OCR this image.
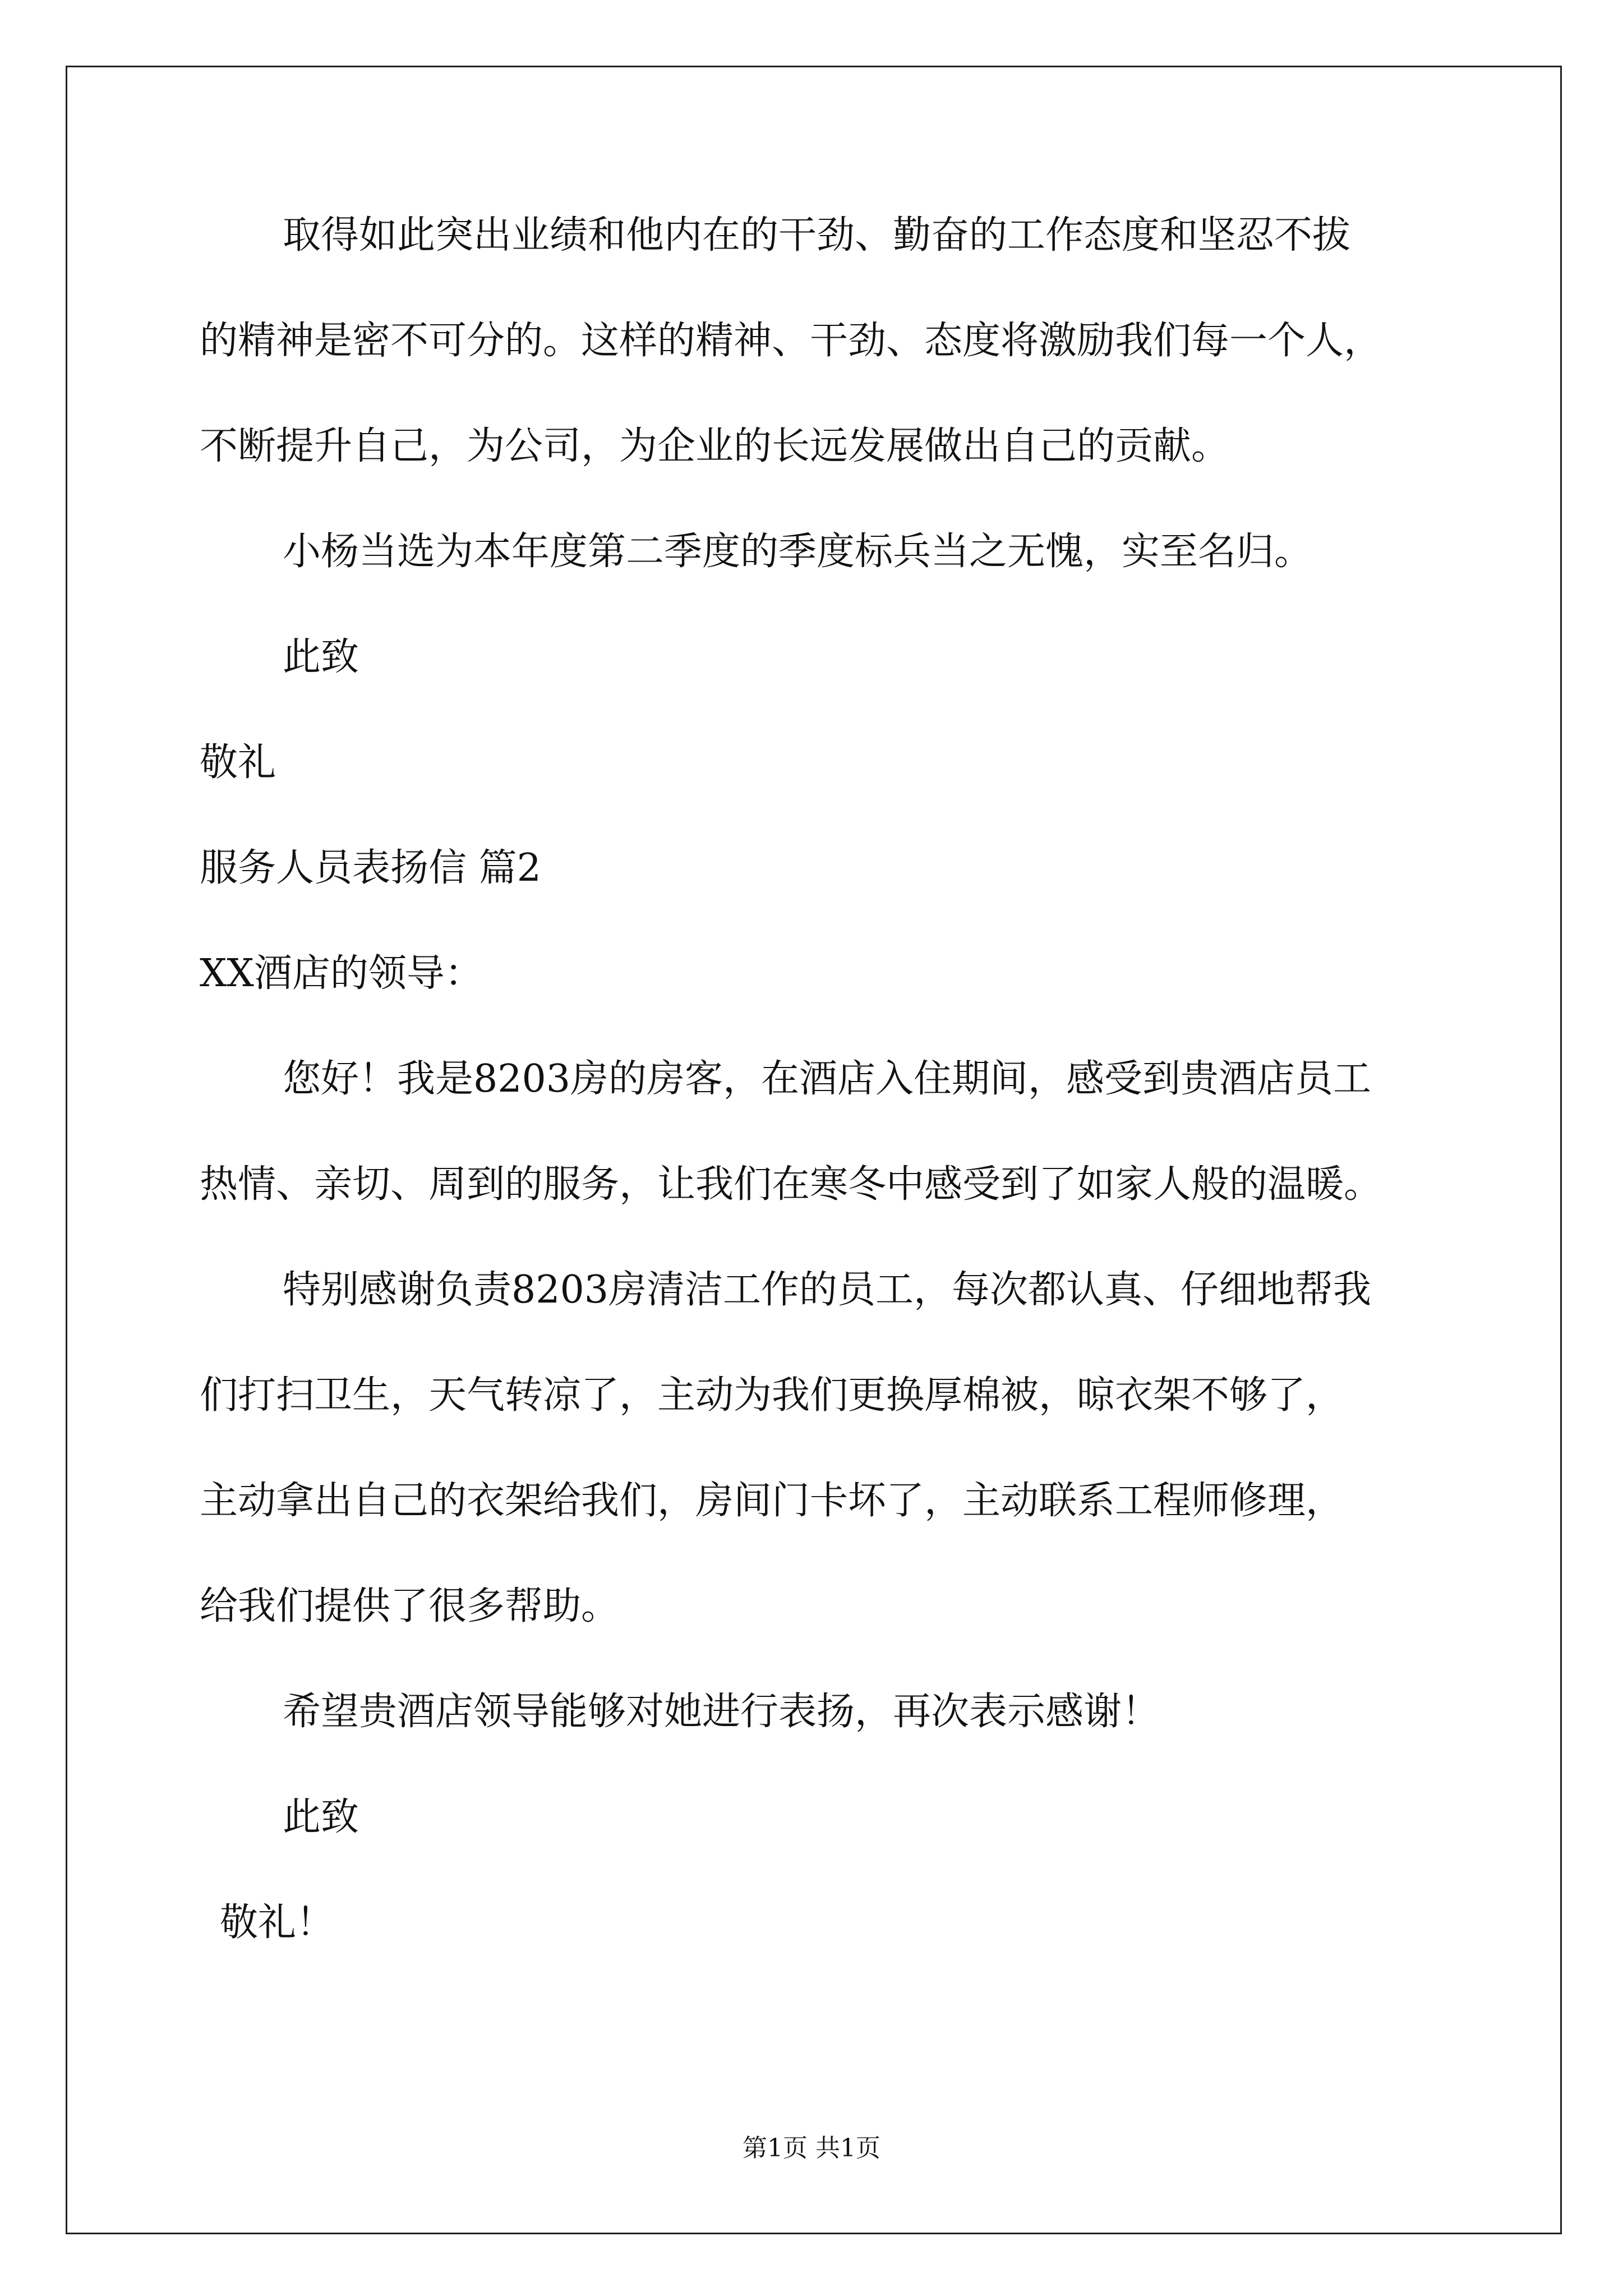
取得如此突出业绩和他内在的干劲、勤奋的工作态度和坚忍不拔
的精神是密不可分的。这样的精神、干劲、态度将激励我们每一个人，
不断提升自己，为公司，为企业的长远发展做出自己的贡献。
小杨当选为本年度第二季度的季度标兵当之无愧，实至名归。
此致
敬礼
服务人员表扬信 篇2
XX酒店的领导：
您好！我是8203房的房客，在酒店入住期间，感受到贵酒店员工
热情、亲切、周到的服务，让我们在寒冬中感受到了如家人般的温暖。
特别感谢负责8203房清洁工作的员工，每次都认真、仔细地帮我
们打扫卫生，天气转凉了，主动为我们更换厚棉被，晾衣架不够了，
主动拿出自己的衣架给我们，房间门卡坏了，主动联系工程师修理，
给我们提供了很多帮助。
希望贵酒店领导能够对她进行表扬，再次表示感谢！
此致
敬礼！
第1页 共1页
